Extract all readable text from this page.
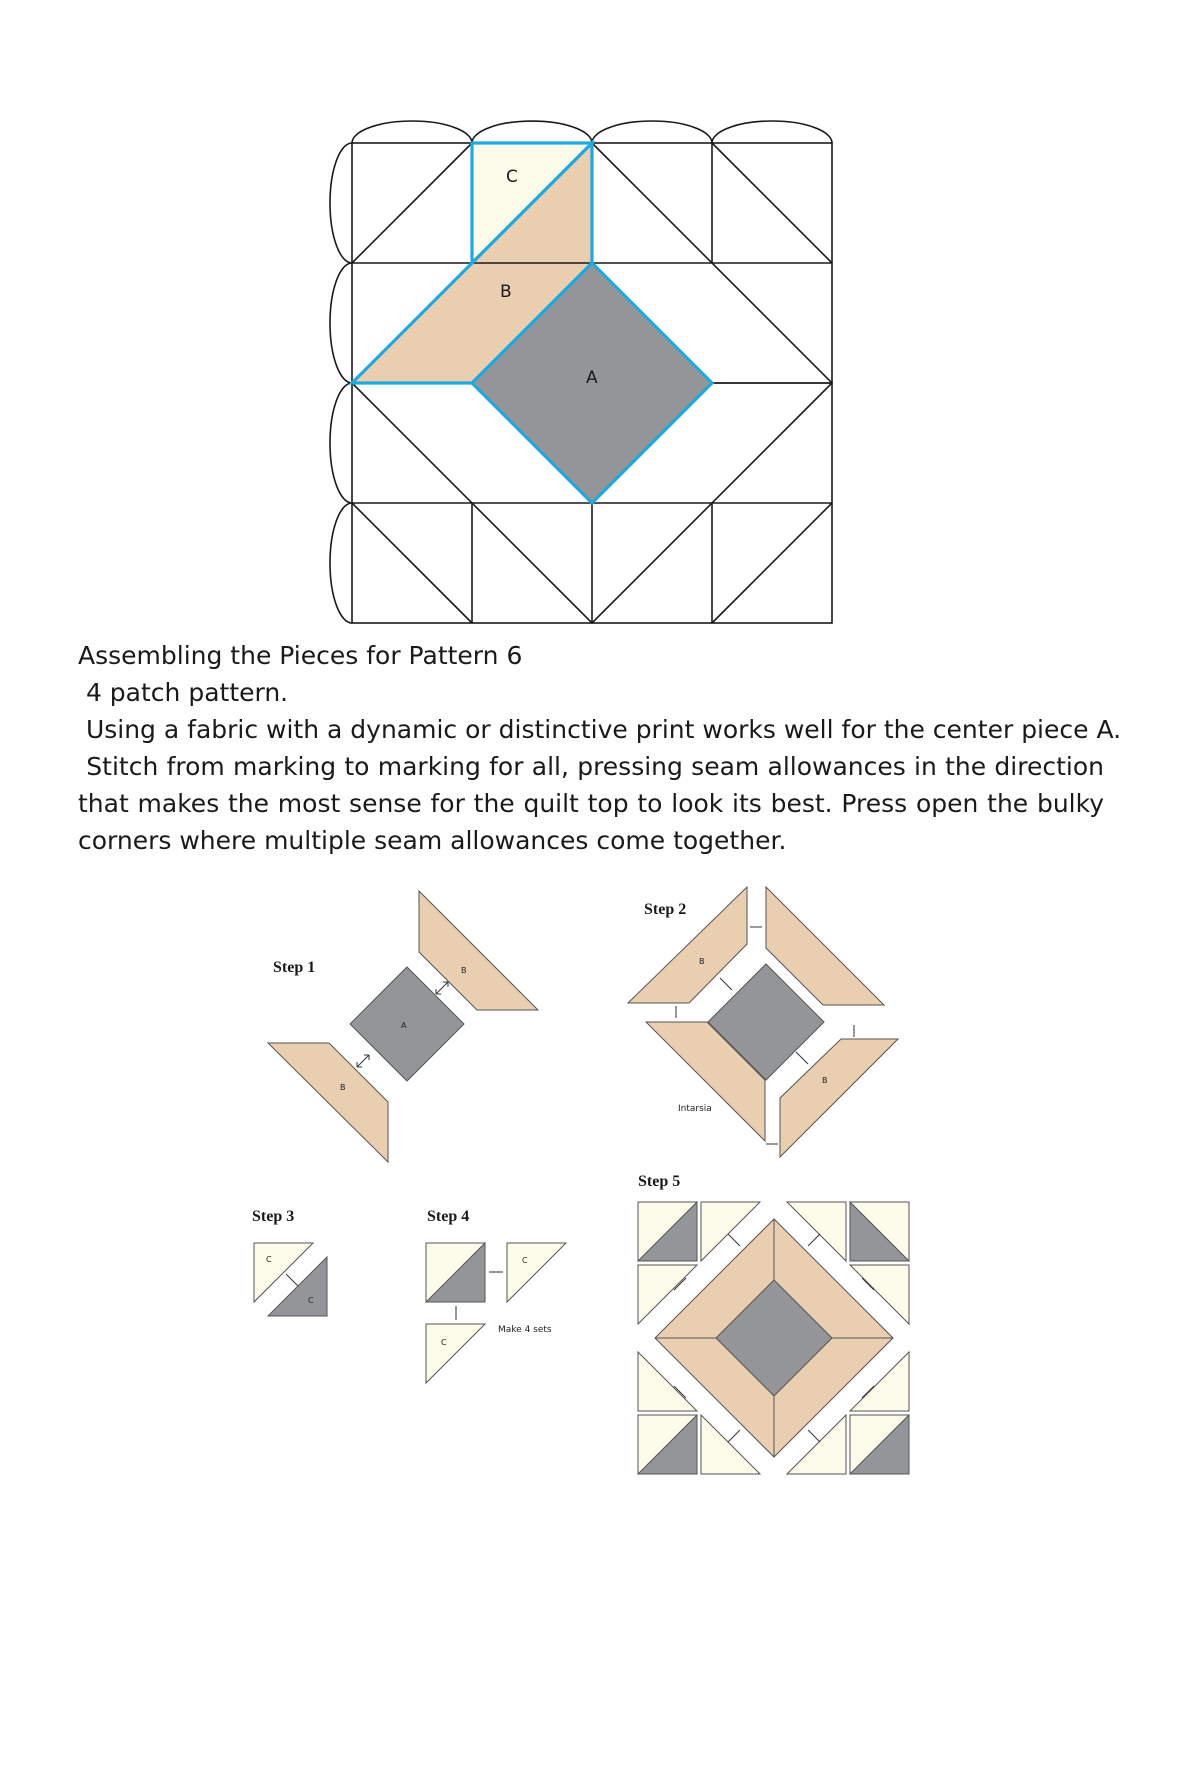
C
B
A

Assembling the Pieces for Pattern 6

4 patch pattern.

Using a fabric with a dynamic or distinctive print works well for the center piece A.

Stitch from marking to marking for all, pressing seam allowances in the direction that makes the most sense for the quilt top to look its best. Press open the bulky corners where multiple seam allowances come together.

Step 1
A
B
B
Step 2
B
B
Intarsia
Step 3
C
C
Step 4
C
C
Make 4 sets
Step 5
